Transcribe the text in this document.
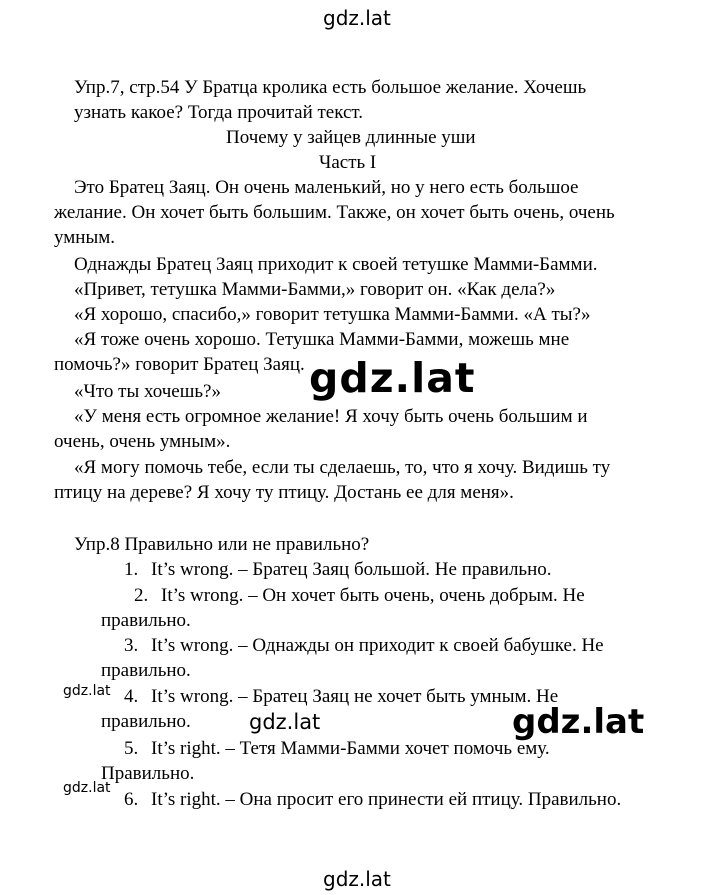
gdz.lat
gdz.lat
gdz.lat
gdz.lat	gdz.lat
gdz.lat
gdz.lat
Упр.7, стр.54 У Братца кролика есть большое желание. Хочешь
узнать какое? Тогда прочитай текст.
Почему у зайцев длинные уши
Часть I
Это Братец Заяц. Он очень маленький, но у него есть большое
желание. Он хочет быть большим. Также, он хочет быть очень, очень
умным.
Однажды Братец Заяц приходит к своей тетушке Мамми-Бамми.
«Привет, тетушка Мамми-Бамми,» говорит он. «Как дела?»
«Я хорошо, спасибо,» говорит тетушка Мамми-Бамми. «А ты?»
«Я тоже очень хорошо. Тетушка Мамми-Бамми, можешь мне
помочь?» говорит Братец Заяц.
«Что ты хочешь?»
«У меня есть огромное желание! Я хочу быть очень большим и
очень, очень умным».
«Я могу помочь тебе, если ты сделаешь, то, что я хочу. Видишь ту
птицу на дереве? Я хочу ту птицу. Достань ее для меня».
Упр.8 Правильно или не правильно?
1. It’s wrong. – Братец Заяц большой. Не правильно.
2. It’s wrong. – Он хочет быть очень, очень добрым. Не
правильно.
3. It’s wrong. – Однажды он приходит к своей бабушке. Не
правильно.
4. It’s wrong. – Братец Заяц не хочет быть умным. Не
правильно.
5. It’s right. – Тетя Мамми-Бамми хочет помочь ему.
Правильно.
6. It’s right. – Она просит его принести ей птицу. Правильно.
